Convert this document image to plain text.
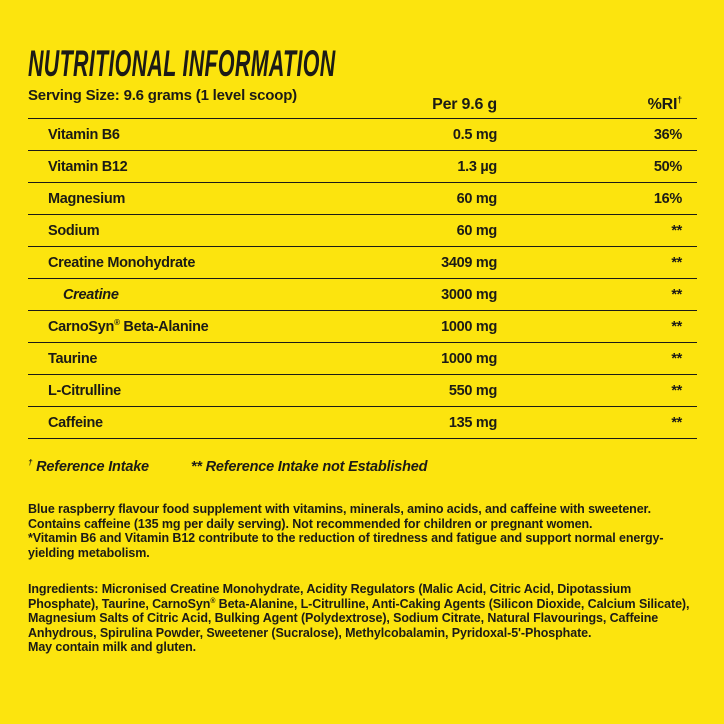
NUTRITIONAL INFORMATION
Serving Size: 9.6 grams (1 level scoop)
Per 9.6 g	%RI†
Vitamin B6	0.5 mg	36%
Vitamin B12	1.3 µg	50%
Magnesium	60 mg	16%
Sodium	60 mg	**
Creatine Monohydrate	3409 mg	**
Creatine	3000 mg	**
CarnoSyn® Beta-Alanine	1000 mg	**
Taurine	1000 mg	**
L-Citrulline	550 mg	**
Caffeine	135 mg	**
† Reference Intake	** Reference Intake not Established
Blue raspberry flavour food supplement with vitamins, minerals, amino acids, and caffeine with sweetener. Contains caffeine (135 mg per daily serving). Not recommended for children or pregnant women.
*Vitamin B6 and Vitamin B12 contribute to the reduction of tiredness and fatigue and support normal energy-yielding metabolism.
Ingredients: Micronised Creatine Monohydrate, Acidity Regulators (Malic Acid, Citric Acid, Dipotassium Phosphate), Taurine, CarnoSyn® Beta-Alanine, L-Citrulline, Anti-Caking Agents (Silicon Dioxide, Calcium Silicate), Magnesium Salts of Citric Acid, Bulking Agent (Polydextrose), Sodium Citrate, Natural Flavourings, Caffeine Anhydrous, Spirulina Powder, Sweetener (Sucralose), Methylcobalamin, Pyridoxal-5'-Phosphate.
May contain milk and gluten.
